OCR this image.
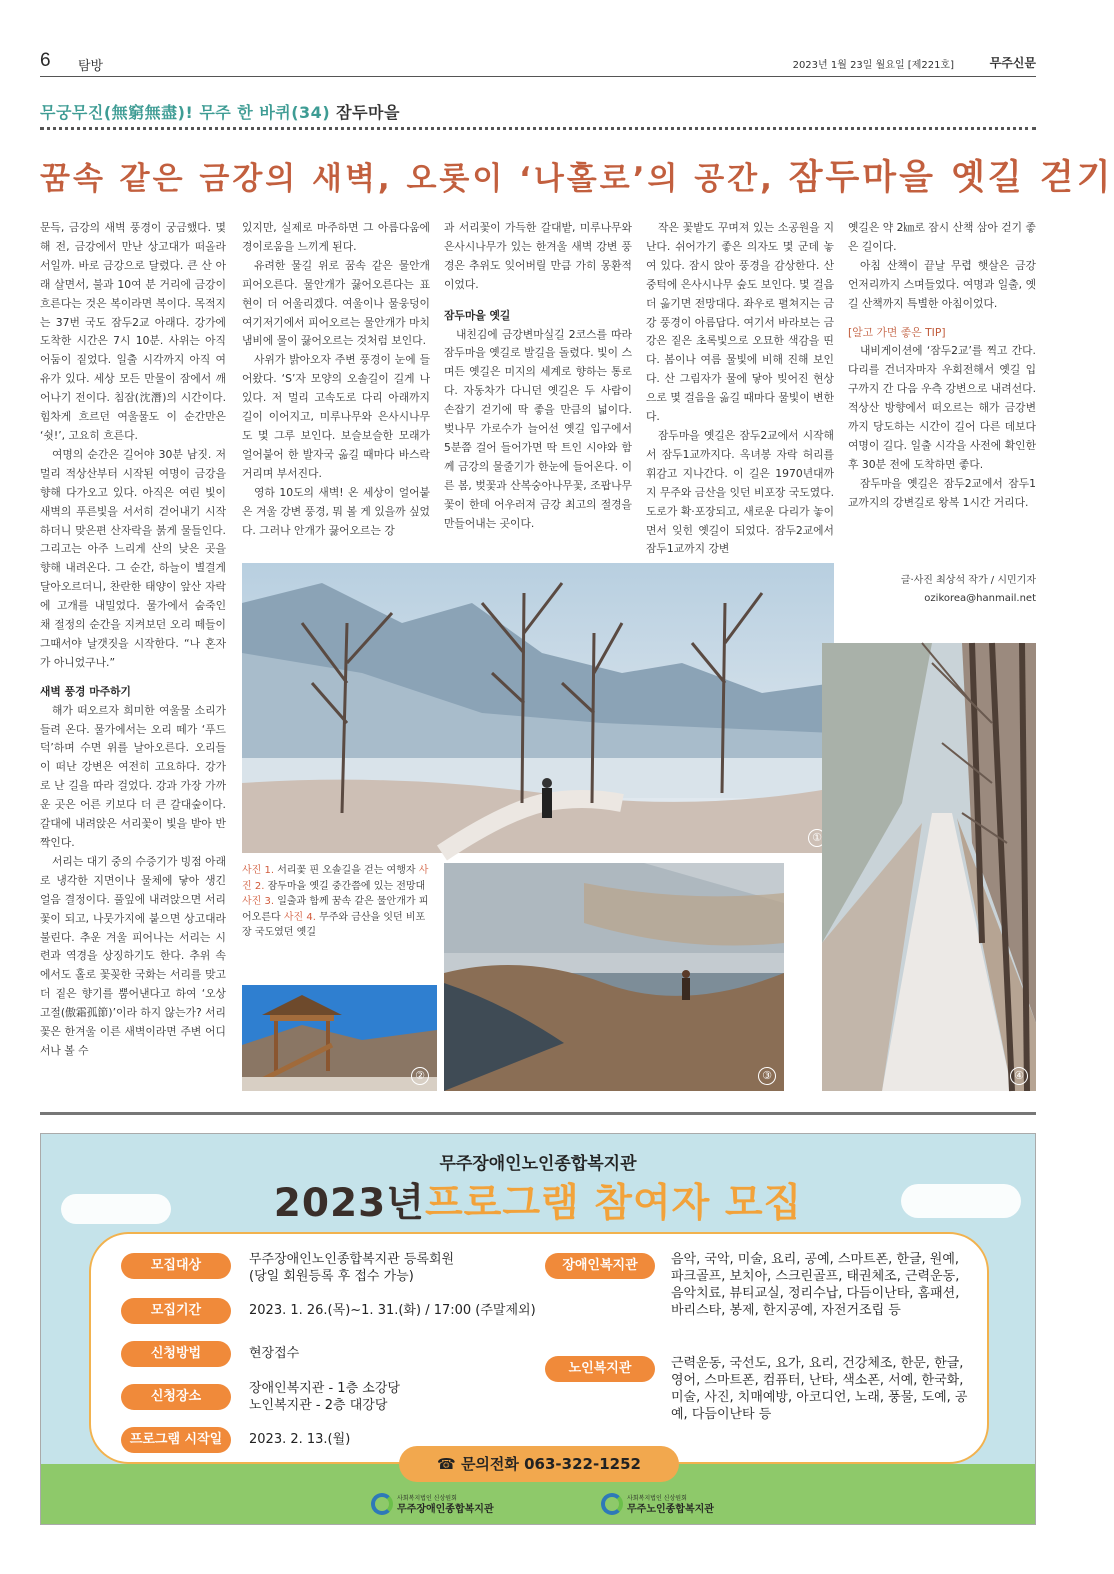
6 탐방	2023년 1월 23일 월요일 [제221호]	무주신문
무궁무진(無窮無盡)! 무주 한 바퀴(34) 잠두마을
꿈속 같은 금강의 새벽, 오롯이 ‘나홀로’의 공간, 잠두마을 옛길 걷기

문득, 금강의 새벽 풍경이 궁금했다. 몇 해 전, 금강에서 만난 상고대가 떠올라서일까. 바로 금강으로 달렸다. 큰 산 아래 살면서, 불과 10여 분 거리에 금강이 흐른다는 것은 복이라면 복이다. 목적지는 37번 국도 잠두2교 아래다. 강가에 도착한 시간은 7시 10분. 사위는 아직 어둠이 짙었다. 일출 시각까지 아직 여유가 있다. 세상 모든 만물이 잠에서 깨어나기 전이다. 침잠(沈潛)의 시간이다. 힘차게 흐르던 여울물도 이 순간만은 ‘쉿!’, 고요히 흐른다.

여명의 순간은 길어야 30분 남짓. 저 멀리 적상산부터 시작된 여명이 금강을 향해 다가오고 있다. 아직은 여린 빛이 새벽의 푸른빛을 서서히 걷어내기 시작하더니 맞은편 산자락을 붉게 물들인다. 그리고는 아주 느리게 산의 낮은 곳을 향해 내려온다. 그 순간, 하늘이 별결게 달아오르더니, 찬란한 태양이 앞산 자락에 고개를 내밀었다. 물가에서 숨죽인 채 절정의 순간을 지켜보던 오리 떼들이 그때서야 날갯짓을 시작한다. “나 혼자가 아니었구나.”

새벽 풍경 마주하기

해가 떠오르자 희미한 여울물 소리가 들려 온다. 물가에서는 오리 떼가 ‘푸드덕’하며 수면 위를 날아오른다. 오리들이 떠난 강변은 여전히 고요하다. 강가로 난 길을 따라 걸었다. 강과 가장 가까운 곳은 어른 키보다 더 큰 갈대숲이다. 갈대에 내려앉은 서리꽃이 빛을 받아 반짝인다.

서리는 대기 중의 수증기가 빙점 아래로 냉각한 지면이나 물체에 닿아 생긴 얼음 결정이다. 풀잎에 내려앉으면 서리꽃이 되고, 나뭇가지에 붙으면 상고대라 불린다. 추운 겨울 피어나는 서리는 시련과 역경을 상징하기도 한다. 추위 속에서도 홀로 꽃꽂한 국화는 서리를 맞고 더 짙은 향기를 뿜어낸다고 하여 ‘오상고절(傲霜孤節)’이라 하지 않는가? 서리꽃은 한겨울 이른 새벽이라면 주변 어디서나 볼 수

있지만, 실제로 마주하면 그 아름다움에 경이로움을 느끼게 된다.

유려한 물길 위로 꿈속 같은 물안개 피어오른다. 물안개가 끓어오른다는 표현이 더 어울리겠다. 여울이나 물웅덩이 여기저기에서 피어오르는 물안개가 마치 냄비에 물이 끓어오르는 것처럼 보인다.

사위가 밝아오자 주변 풍경이 눈에 들어왔다. ‘S’자 모양의 오솔길이 길게 나 있다. 저 멀리 고속도로 다리 아래까지 길이 이어지고, 미루나무와 은사시나무도 몇 그루 보인다. 보슬보슬한 모래가 얼어붙어 한 발자국 옮길 때마다 바스락거리며 부서진다.

영하 10도의 새벽! 온 세상이 얼어붙은 겨울 강변 풍경, 뭐 볼 게 있을까 싶었다. 그러나 안개가 끓어오르는 강

과 서리꽃이 가득한 갈대밭, 미루나무와 은사시나무가 있는 한겨울 새벽 강변 풍경은 추위도 잊어버릴 만큼 가히 몽환적이었다.

잠두마을 옛길

내친김에 금강변마실길 2코스를 따라 잠두마을 옛길로 발길을 돌렸다. 빛이 스며든 옛길은 미지의 세계로 향하는 통로다. 자동차가 다니던 옛길은 두 사람이 손잡기 걷기에 딱 좋을 만큼의 넓이다. 벚나무 가로수가 늘어선 옛길 입구에서 5분쯤 걸어 들어가면 딱 트인 시야와 함께 금강의 물줄기가 한눈에 들어온다. 이른 봄, 벚꽃과 산복숭아나무꽃, 조팝나무꽃이 한데 어우러져 금강 최고의 절경을 만들어내는 곳이다.

작은 꽃밭도 꾸며져 있는 소공원을 지난다. 쉬어가기 좋은 의자도 몇 군데 놓여 있다. 잠시 앉아 풍경을 감상한다. 산 중턱에 은사시나무 숲도 보인다. 몇 걸음 더 옮기면 전망대다. 좌우로 펼쳐지는 금강 풍경이 아름답다. 여기서 바라보는 금강은 짙은 초록빛으로 오묘한 색감을 띤다. 봄이나 여름 물빛에 비해 진해 보인다. 산 그림자가 물에 닿아 빚어진 현상으로 몇 걸음을 옮길 때마다 물빛이 변한다.

잠두마을 옛길은 잠두2교에서 시작해서 잠두1교까지다. 옥녀봉 자락 허리를 휘감고 지나간다. 이 길은 1970년대까지 무주와 금산을 잇던 비포장 국도였다. 도로가 확·포장되고, 새로운 다리가 놓이면서 잊힌 옛길이 되었다. 잠두2교에서 잠두1교까지 강변

옛길은 약 2㎞로 잠시 산책 삼아 걷기 좋은 길이다.

아침 산책이 끝날 무렵 햇살은 금강 언저리까지 스며들었다. 여명과 일출, 옛길 산책까지 특별한 아침이었다.

[알고 가면 좋은 TIP]

내비게이션에 ‘잠두2교’를 찍고 간다. 다리를 건너자마자 우회전해서 옛길 입구까지 간 다음 우측 강변으로 내려선다. 적상산 방향에서 떠오르는 해가 금강변까지 당도하는 시간이 길어 다른 데보다 여명이 길다. 일출 시각을 사전에 확인한 후 30분 전에 도착하면 좋다.

잠두마을 옛길은 잠두2교에서 잠두1교까지의 강변길로 왕복 1시간 거리다.

글·사진 최상석 작가 / 시민기자
ozikorea@hanmail.net
①
④
사진 1. 서리꽃 핀 오솔길을 걷는 여행자 사진 2. 잠두마을 옛길 중간쯤에 있는 전망대 사진 3. 일출과 함께 꿈속 같은 물안개가 피어오른다 사진 4. 무주와 금산을 잇던 비포장 국도였던 옛길
②	③
무주장애인노인종합복지관
2023년프로그램 참여자 모집
모집대상	무주장애인노인종합복지관 등록회원
(당일 회원등록 후 접수 가능)
모집기간	2023. 1. 26.(목)~1. 31.(화) / 17:00 (주말제외)
신청방법	현장접수
신청장소
장애인복지관 - 1층 소강당
노인복지관 - 2층 대강당
프로그램 시작일	2023. 2. 13.(월)
장애인복지관	음악, 국악, 미술, 요리, 공예, 스마트폰, 한글, 원예, 파크골프, 보치아, 스크린골프, 태권체조, 근력운동, 음악치료, 뷰티교실, 정리수납, 다듬이난타, 홈패션, 바리스타, 봉제, 한지공예, 자전거조립 등
노인복지관	근력운동, 국선도, 요가, 요리, 건강체조, 한문, 한글, 영어, 스마트폰, 컴퓨터, 난타, 색소폰, 서예, 한국화, 미술, 사진, 치매예방, 아코디언, 노래, 풍물, 도예, 공예, 다듬이난타 등
☎ 문의전화 063-322-1252
사회복지법인 신상원회
무주장애인종합복지관
사회복지법인 신상원회
무주노인종합복지관
